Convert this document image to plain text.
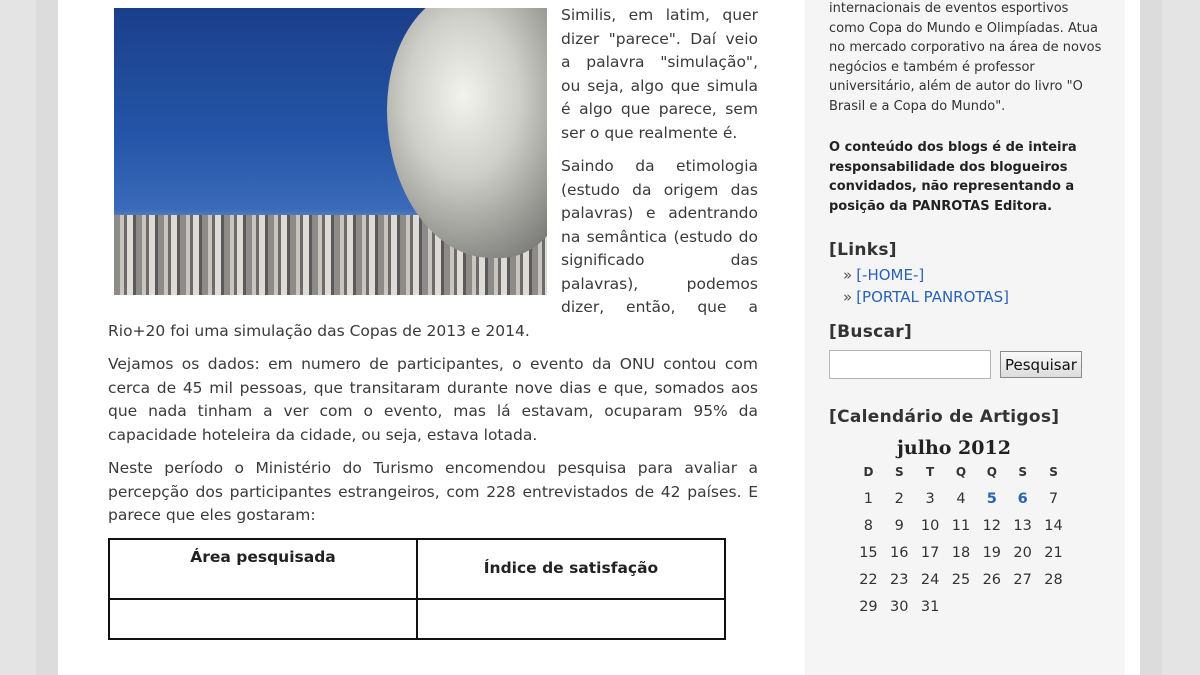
Similis, em latim, quer dizer "parece". Daí veio a palavra "simulação", ou seja, algo que simula é algo que parece, sem ser o que realmente é.

Saindo da etimologia (estudo da origem das palavras) e adentrando na semântica (estudo do significado das palavras), podemos dizer, então, que a Rio+20 foi uma simulação das Copas de 2013 e 2014.

Vejamos os dados: em numero de participantes, o evento da ONU contou com cerca de 45 mil pessoas, que transitaram durante nove dias e que, somados aos que nada tinham a ver com o evento, mas lá estavam, ocuparam 95% da capacidade hoteleira da cidade, ou seja, estava lotada.

Neste período o Ministério do Turismo encomendou pesquisa para avaliar a percepção dos participantes estrangeiros, com 228 entrevistados de 42 países. E parece que eles gostaram:

Área pesquisada	Índice de satisfação

internacionais de eventos esportivos como Copa do Mundo e Olimpíadas. Atua no mercado corporativo na área de novos negócios e também é professor universitário, além de autor do livro "O Brasil e a Copa do Mundo".
O conteúdo dos blogs é de inteira responsabilidade dos blogueiros convidados, não representando a posição da PANROTAS Editora.
[Links]
» [-HOME-]
» [PORTAL PANROTAS]
[Buscar]
Pesquisar
[Calendário de Artigos]
julho 2012
D	S	T	Q	Q	S	S
1	2	3	4	5	6	7
8	9	10	11	12	13	14
15	16	17	18	19	20	21
22	23	24	25	26	27	28
29	30	31				
